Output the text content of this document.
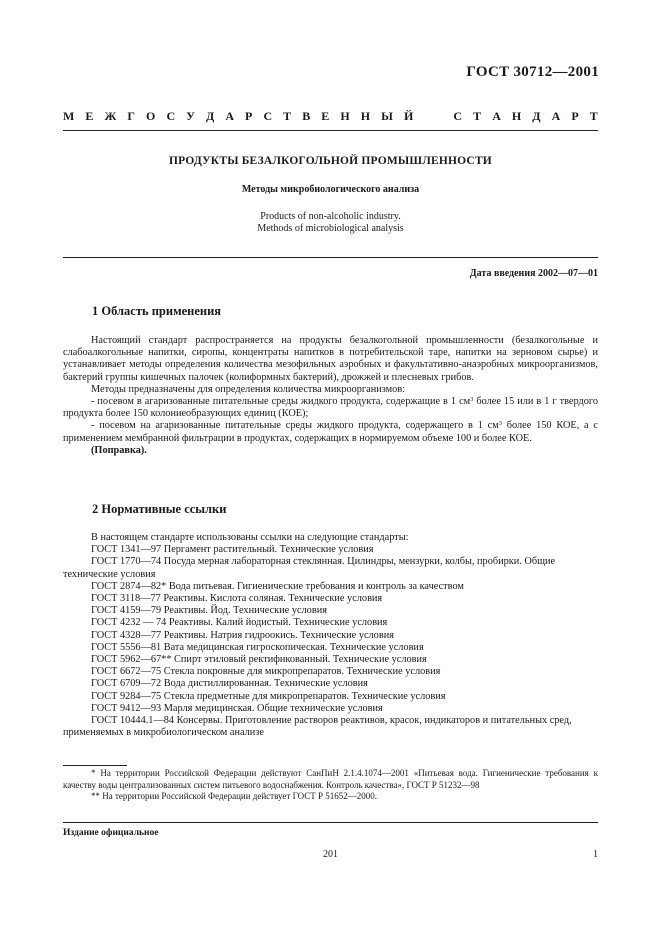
ГОСТ 30712—2001
М Е Ж Г О С У Д А Р С Т В Е Н Н Ы Й	С Т А Н Д А Р Т
ПРОДУКТЫ БЕЗАЛКОГОЛЬНОЙ ПРОМЫШЛЕННОСТИ
Методы микробиологического анализа
Products of non-alcoholic industry.
Methods of microbiological analysis
Дата введения 2002—07—01
1 Область применения

Настоящий стандарт распространяется на продукты безалкогольной промышленности (безалкогольные и слабоалкогольные напитки, сиропы, концентраты напитков в потребительской таре, напитки на зерновом сырье) и устанавливает методы определения количества мезофильных аэробных и факультативно-анаэробных микроорганизмов, бактерий группы кишечных палочек (колиформных бактерий), дрожжей и плесневых грибов.

Методы предназначены для определения количества микроорганизмов:

- посевом в агаризованные питательные среды жидкого продукта, содержащие в 1 $см^3$ более 15 или в 1 г твердого продукта более 150 колониеобразующих единиц (КОЕ);

- посевом на агаризованные питательные среды жидкого продукта, содержащего в 1 $см^3$ более 150 КОЕ, а с применением мембранной фильтрации в продуктах, содержащих в нормируемом объеме 100 и более КОЕ.

(Поправка).

2 Нормативные ссылки

В настоящем стандарте использованы ссылки на следующие стандарты:

ГОСТ 1341—97 Пергамент растительный. Технические условия

ГОСТ 1770—74 Посуда мерная лабораторная стеклянная. Цилиндры, мензурки, колбы, пробирки. Общие технические условия

ГОСТ 2874—82* Вода питьевая. Гигиенические требования и контроль за качеством

ГОСТ 3118—77 Реактивы. Кислота соляная. Технические условия

ГОСТ 4159—79 Реактивы. Йод. Технические условия

ГОСТ 4232 — 74 Реактивы. Калий йодистый. Технические условия

ГОСТ 4328—77 Реактивы. Натрия гидроокись. Технические условия

ГОСТ 5556—81 Вата медицинская гигроскопическая. Технические условия

ГОСТ 5962—67** Спирт этиловый ректификованный. Технические условия

ГОСТ 6672—75 Стекла покровные для микропрепаратов. Технические условия

ГОСТ 6709—72 Вода дистиллированная. Технические условия

ГОСТ 9284—75 Стекла предметные для микропрепаратов. Технические условия

ГОСТ 9412—93 Марля медицинская. Общие технические условия

ГОСТ 10444.1—84 Консервы. Приготовление растворов реактивов, красок, индикаторов и питательных сред, применяемых в микробиологическом анализе

* На территории Российской Федерации действуют СанПиН 2.1.4.1074—2001 «Питьевая вода. Гигиенические требования к качеству воды централизованных систем питьевого водоснабжения. Контроль качества», ГОСТ Р 51232—98

** На территории Российской Федерации действует ГОСТ Р 51652—2000.

Издание официальное
201	1
